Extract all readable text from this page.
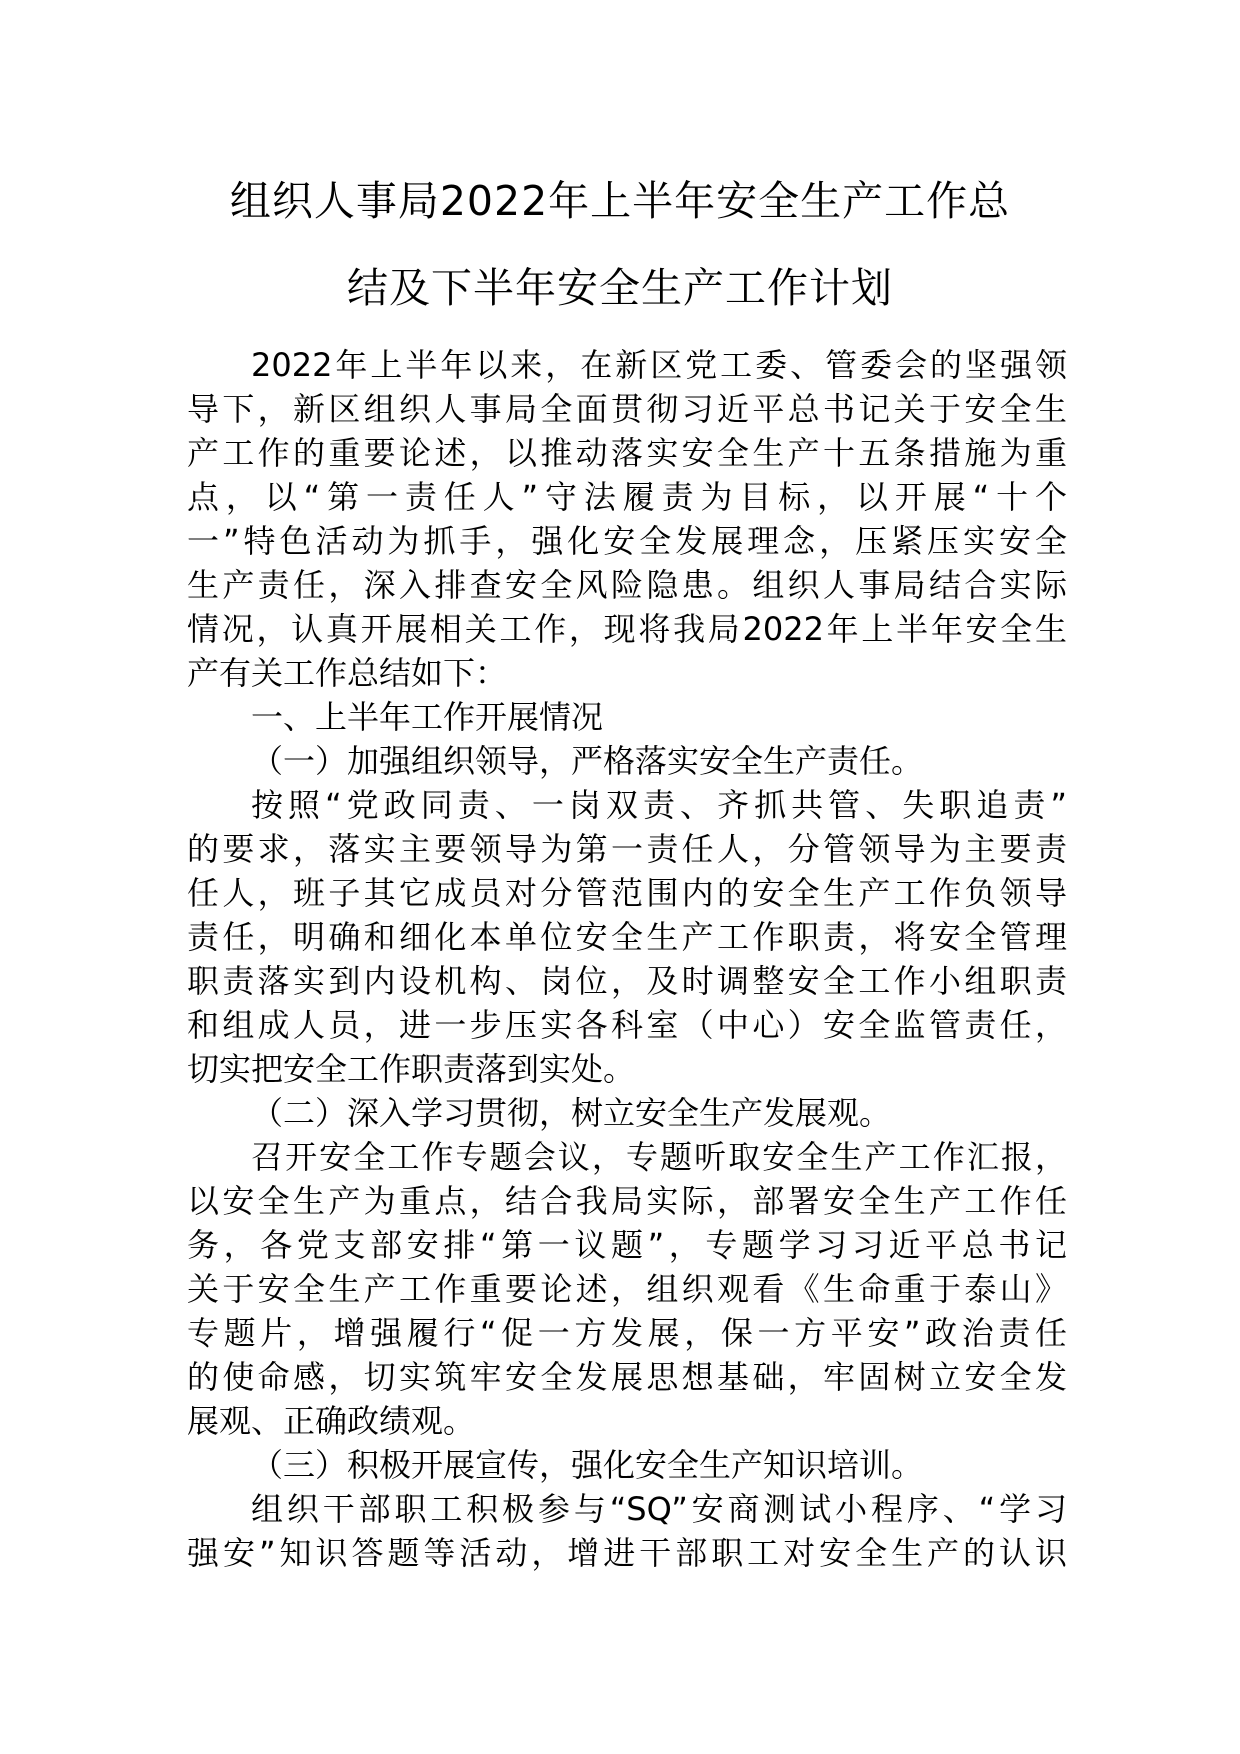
组织人事局2022年上半年安全生产工作总
结及下半年安全生产工作计划
2022年上半年以来，在新区党工委、管委会的坚强领
导下，新区组织人事局全面贯彻习近平总书记关于安全生
产工作的重要论述，以推动落实安全生产十五条措施为重
点，以“第一责任人”守法履责为目标，以开展“十个
一”特色活动为抓手，强化安全发展理念，压紧压实安全
生产责任，深入排查安全风险隐患。组织人事局结合实际
情况，认真开展相关工作，现将我局2022年上半年安全生
产有关工作总结如下：
一、上半年工作开展情况
（一）加强组织领导，严格落实安全生产责任。
按照“党政同责、一岗双责、齐抓共管、失职追责”
的要求，落实主要领导为第一责任人，分管领导为主要责
任人，班子其它成员对分管范围内的安全生产工作负领导
责任，明确和细化本单位安全生产工作职责，将安全管理
职责落实到内设机构、岗位，及时调整安全工作小组职责
和组成人员，进一步压实各科室（中心）安全监管责任，
切实把安全工作职责落到实处。
（二）深入学习贯彻，树立安全生产发展观。
召开安全工作专题会议，专题听取安全生产工作汇报，
以安全生产为重点，结合我局实际，部署安全生产工作任
务，各党支部安排“第一议题”，专题学习习近平总书记
关于安全生产工作重要论述，组织观看《生命重于泰山》
专题片，增强履行“促一方发展，保一方平安”政治责任
的使命感，切实筑牢安全发展思想基础，牢固树立安全发
展观、正确政绩观。
（三）积极开展宣传，强化安全生产知识培训。
组织干部职工积极参与“SQ”安商测试小程序、“学习
强安”知识答题等活动，增进干部职工对安全生产的认识
